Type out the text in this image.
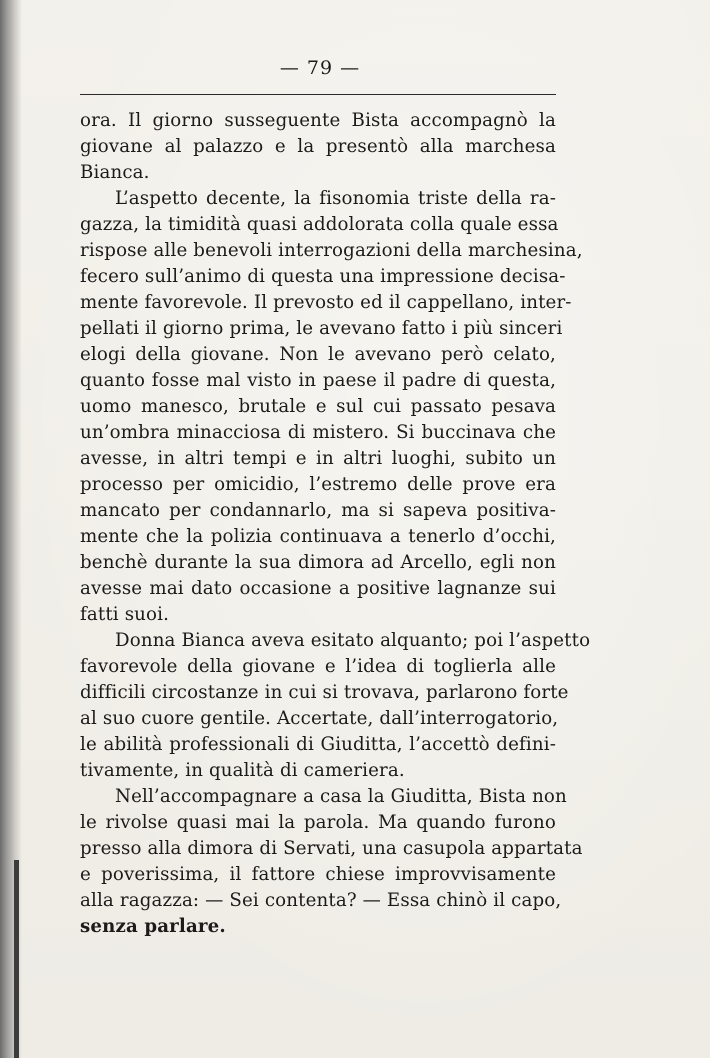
— 79 —
ora. Il giorno susseguente Bista accompagnò la
giovane al palazzo e la presentò alla marchesa
Bianca.
L’aspetto decente, la fisonomia triste della ra-
gazza, la timidità quasi addolorata colla quale essa
rispose alle benevoli interrogazioni della marchesina,
fecero sull’animo di questa una impressione decisa-
mente favorevole. Il prevosto ed il cappellano, inter-
pellati il giorno prima, le avevano fatto i più sinceri
elogi della giovane. Non le avevano però celato,
quanto fosse mal visto in paese il padre di questa,
uomo manesco, brutale e sul cui passato pesava
un’ombra minacciosa di mistero. Si buccinava che
avesse, in altri tempi e in altri luoghi, subito un
processo per omicidio, l’estremo delle prove era
mancato per condannarlo, ma si sapeva positiva-
mente che la polizia continuava a tenerlo d’occhi,
benchè durante la sua dimora ad Arcello, egli non
avesse mai dato occasione a positive lagnanze sui
fatti suoi.
Donna Bianca aveva esitato alquanto; poi l’aspetto
favorevole della giovane e l’idea di toglierla alle
difficili circostanze in cui si trovava, parlarono forte
al suo cuore gentile. Accertate, dall’interrogatorio,
le abilità professionali di Giuditta, l’accettò defini-
tivamente, in qualità di cameriera.
Nell’accompagnare a casa la Giuditta, Bista non
le rivolse quasi mai la parola. Ma quando furono
presso alla dimora di Servati, una casupola appartata
e poverissima, il fattore chiese improvvisamente
alla ragazza: — Sei contenta? — Essa chinò il capo,
senza parlare.
